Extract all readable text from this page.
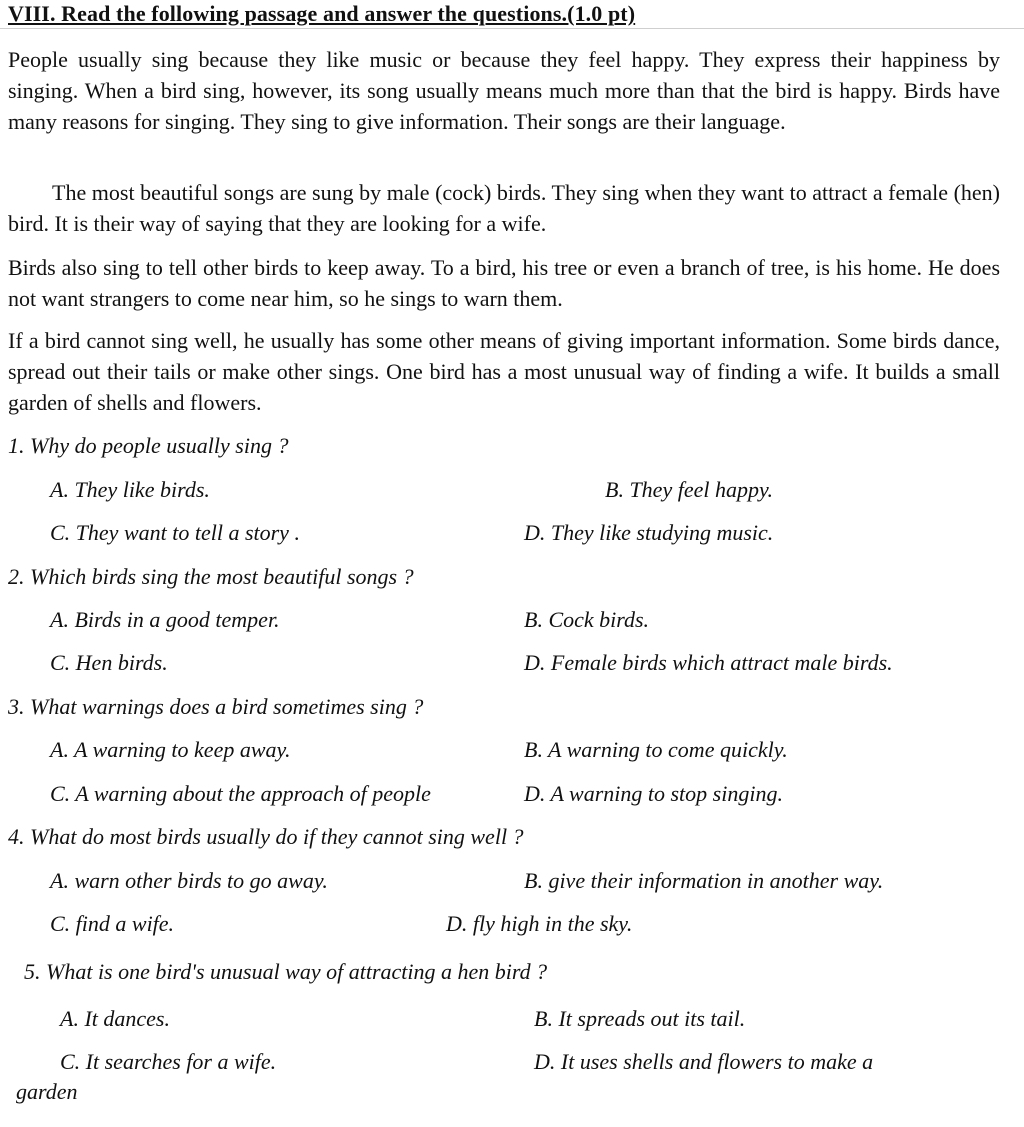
VIII. Read the following passage and answer the questions.(1.0 pt)

People usually sing because they like music or because they feel happy. They express their happiness by singing. When a bird sing, however, its song usually means much more than that the bird is happy. Birds have many reasons for singing. They sing to give information. Their songs are their language.

The most beautiful songs are sung by male (cock) birds. They sing when they want to attract a female (hen) bird. It is their way of saying that they are looking for a wife.

Birds also sing to tell other birds to keep away. To a bird, his tree or even a branch of tree, is his home. He does not want strangers to come near him, so he sings to warn them.

If a bird cannot sing well, he usually has some other means of giving important information. Some birds dance, spread out their tails or make other sings. One bird has a most unusual way of finding a wife. It builds a small garden of shells and flowers.

1. Why do people usually sing ?
A. They like birds.	B. They feel happy.
C. They want to tell a story .	D. They like studying music.
2. Which birds sing the most beautiful songs ?
A. Birds in a good temper.	B. Cock birds.
C. Hen birds.	D. Female birds which attract male birds.
3. What warnings does a bird sometimes sing ?
A. A warning to keep away.	B. A warning to come quickly.
C. A warning about the approach of people	D. A warning to stop singing.
4. What do most birds usually do if they cannot sing well ?
A. warn other birds to go away.	B. give their information in another way.
C. find a wife.	D. fly high in the sky.
5. What is one bird's unusual way of attracting a hen bird ?
A. It dances.	B. It spreads out its tail.
C. It searches for a wife.	D. It uses shells and flowers to make a
garden
